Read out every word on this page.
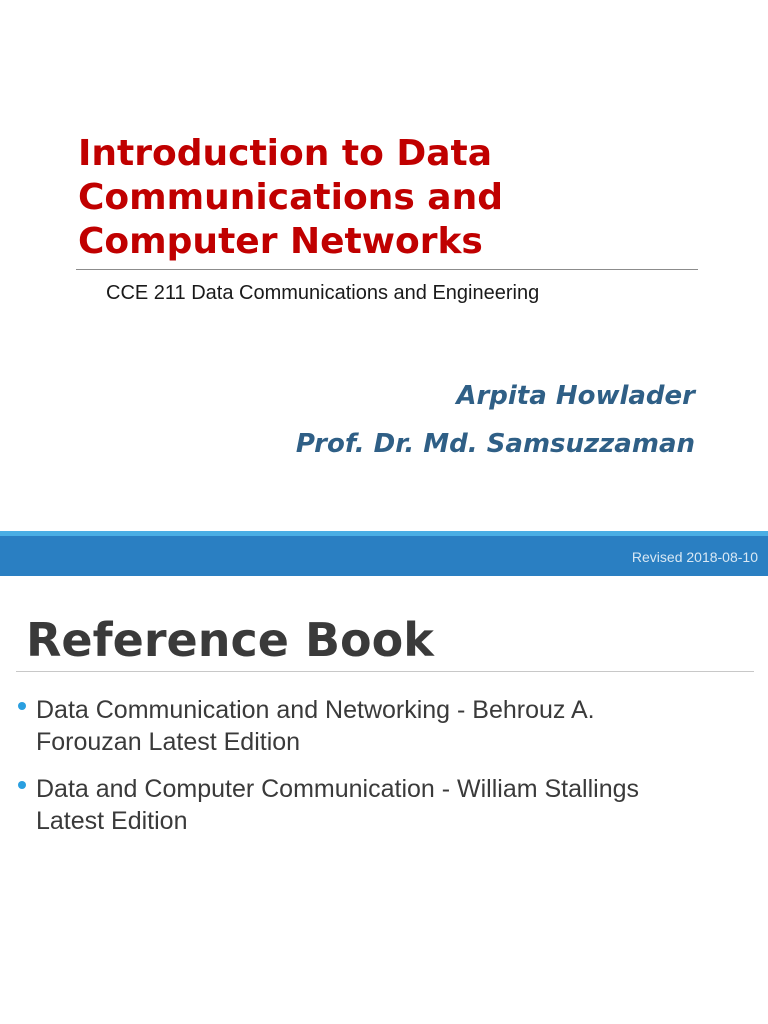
Introduction to Data
Communications and
Computer Networks
CCE 211 Data Communications and Engineering
Arpita Howlader
Prof. Dr. Md. Samsuzzaman
Revised 2018-08-10
Reference Book
Data Communication and Networking - Behrouz A.
Forouzan Latest Edition
Data and Computer Communication - William Stallings
Latest Edition
